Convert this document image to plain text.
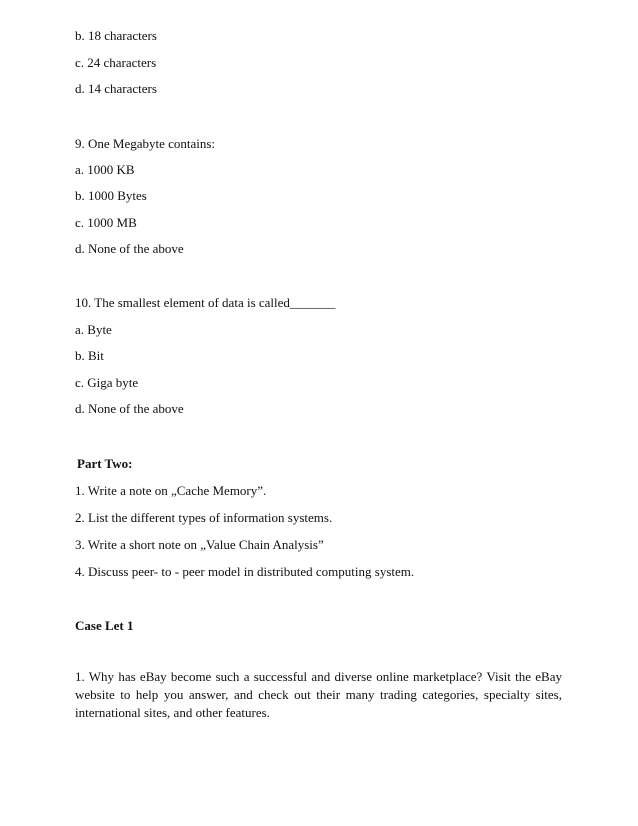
b. 18 characters
c. 24 characters
d. 14 characters
9. One Megabyte contains:
a. 1000 KB
b. 1000 Bytes
c. 1000 MB
d. None of the above
10. The smallest element of data is called_______
a. Byte
b. Bit
c. Giga byte
d. None of the above
Part Two:
1. Write a note on „Cache Memory”.
2. List the different types of information systems.
3. Write a short note on „Value Chain Analysis”
4. Discuss peer- to - peer model in distributed computing system.
Case Let 1
1. Why has eBay become such a successful and diverse online marketplace? Visit the eBay website to help you answer, and check out their many trading categories, specialty sites, international sites, and other features.
